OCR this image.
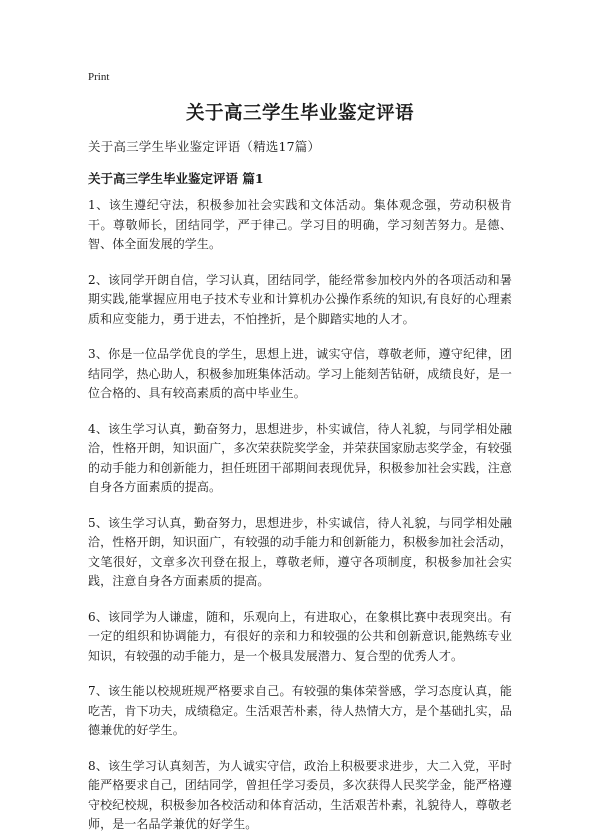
Print
关于高三学生毕业鉴定评语
关于高三学生毕业鉴定评语（精选17篇）
关于高三学生毕业鉴定评语 篇1

1、该生遵纪守法，积极参加社会实践和文体活动。集体观念强，劳动积极肯干。尊敬师长，团结同学，严于律己。学习目的明确，学习刻苦努力。是德、智、体全面发展的学生。

2、该同学开朗自信，学习认真，团结同学，能经常参加校内外的各项活动和暑期实践,能掌握应用电子技术专业和计算机办公操作系统的知识,有良好的心理素质和应变能力，勇于进去，不怕挫折，是个脚踏实地的人才。

3、你是一位品学优良的学生，思想上进，诚实守信，尊敬老师，遵守纪律，团结同学，热心助人，积极参加班集体活动。学习上能刻苦钻研，成绩良好，是一位合格的、具有较高素质的高中毕业生。

4、该生学习认真，勤奋努力，思想进步，朴实诚信，待人礼貌，与同学相处融洽，性格开朗，知识面广，多次荣获院奖学金，并荣获国家励志奖学金，有较强的动手能力和创新能力，担任班团干部期间表现优异，积极参加社会实践，注意自身各方面素质的提高。

5、该生学习认真，勤奋努力，思想进步，朴实诚信，待人礼貌，与同学相处融洽，性格开朗，知识面广，有较强的动手能力和创新能力，积极参加社会活动，文笔很好，文章多次刊登在报上，尊敬老师，遵守各项制度，积极参加社会实践，注意自身各方面素质的提高。

6、该同学为人谦虚，随和，乐观向上，有进取心，在象棋比赛中表现突出。有一定的组织和协调能力，有很好的亲和力和较强的公共和创新意识,能熟练专业知识，有较强的动手能力，是一个极具发展潜力、复合型的优秀人才。

7、该生能以校规班规严格要求自己。有较强的集体荣誉感，学习态度认真，能吃苦，肯下功夫，成绩稳定。生活艰苦朴素，待人热情大方，是个基础扎实，品德兼优的好学生。

8、该生学习认真刻苦，为人诚实守信，政治上积极要求进步，大二入党，平时能严格要求自己，团结同学，曾担任学习委员，多次获得人民奖学金，能严格遵守校纪校规，积极参加各校活动和体育活动，生活艰苦朴素，礼貌待人，尊敬老师，是一名品学兼优的好学生。
